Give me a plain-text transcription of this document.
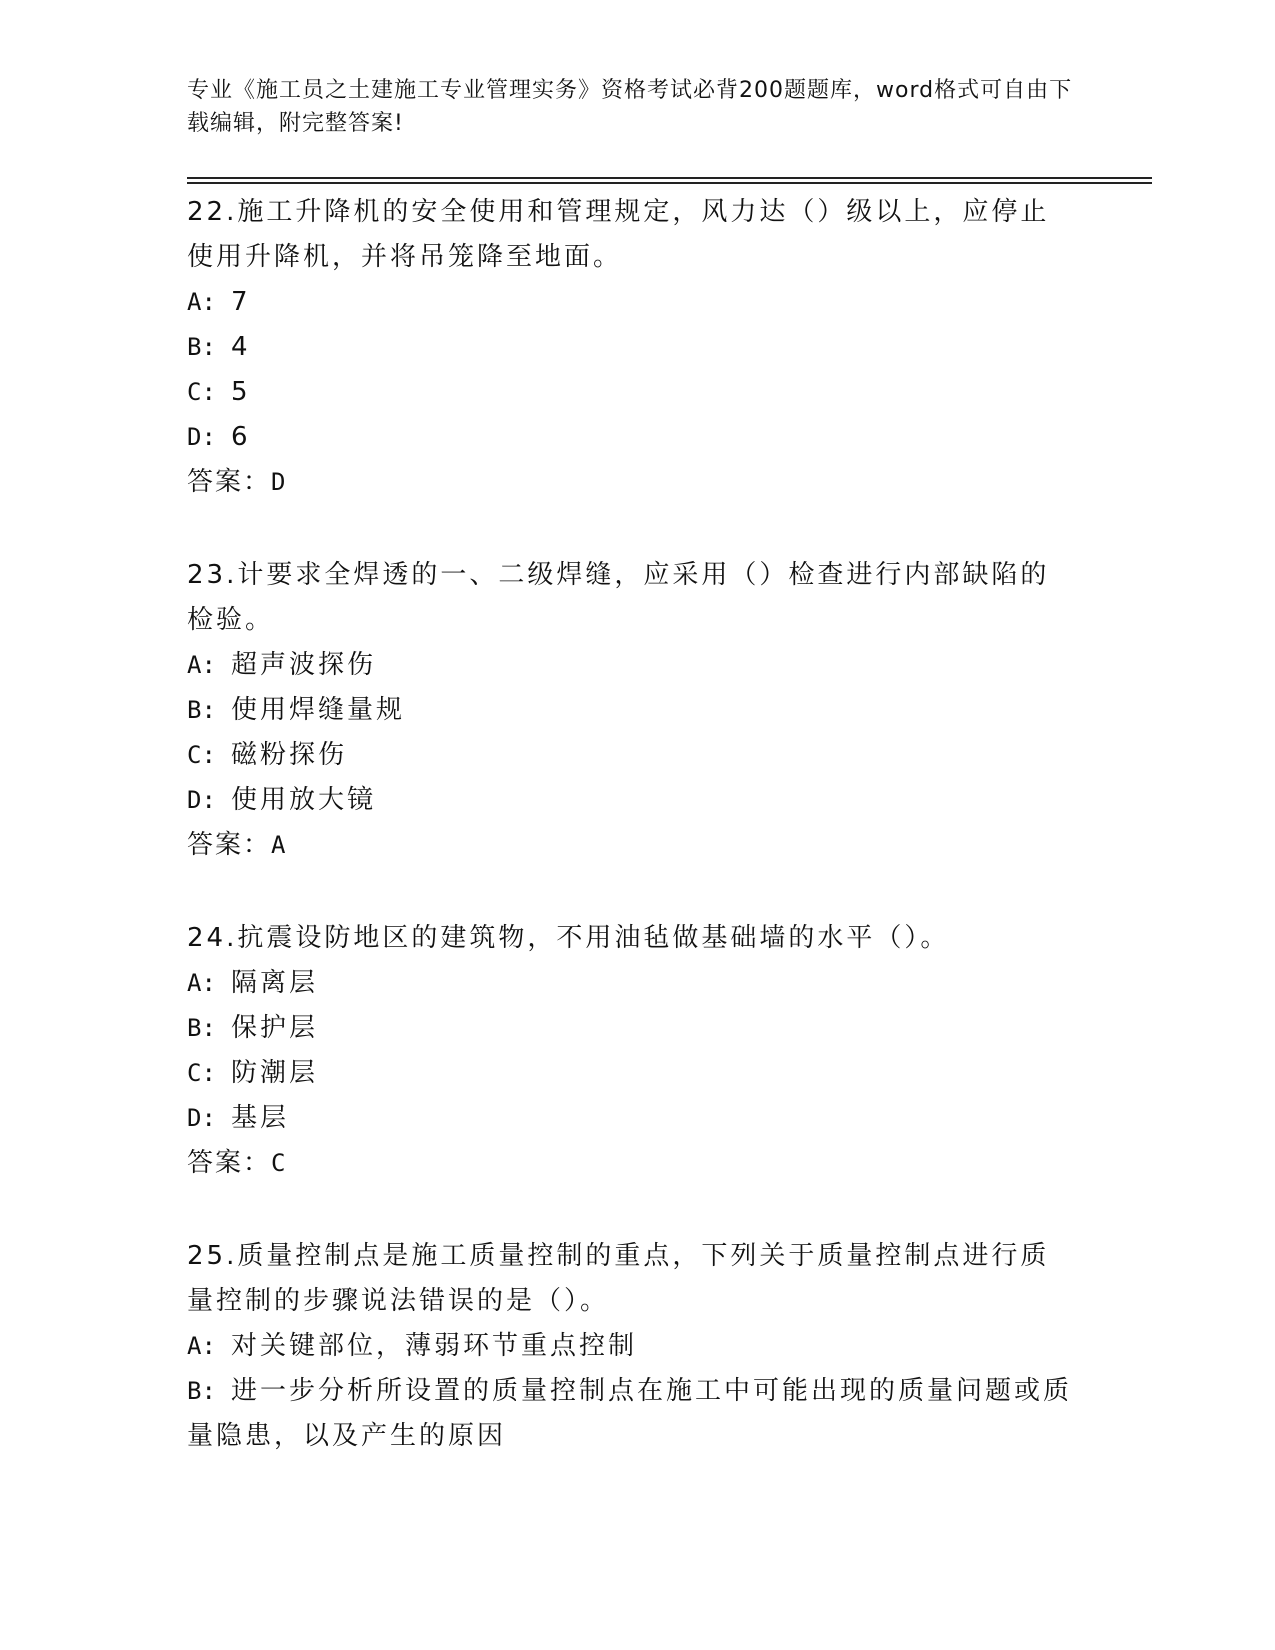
专业《施工员之土建施工专业管理实务》资格考试必背200题题库，word格式可自由下载编辑，附完整答案!

22.施工升降机的安全使用和管理规定，风力达（）级以上，应停止使用升降机，并将吊笼降至地面。

A: 7

B: 4

C: 5

D: 6

答案：D

23.计要求全焊透的一、二级焊缝，应采用（）检查进行内部缺陷的检验。

A: 超声波探伤

B: 使用焊缝量规

C: 磁粉探伤

D: 使用放大镜

答案：A

24.抗震设防地区的建筑物，不用油毡做基础墙的水平（）。

A: 隔离层

B: 保护层

C: 防潮层

D: 基层

答案：C

25.质量控制点是施工质量控制的重点，下列关于质量控制点进行质量控制的步骤说法错误的是（）。

A: 对关键部位，薄弱环节重点控制

B: 进一步分析所设置的质量控制点在施工中可能出现的质量问题或质量隐患，以及产生的原因
